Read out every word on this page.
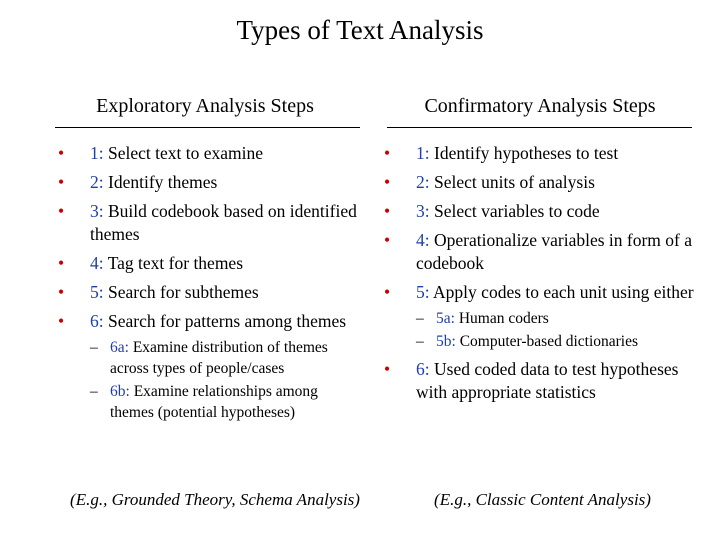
Types of Text Analysis
Exploratory Analysis Steps
• 1: Select text to examine
• 2: Identify themes
• 3: Build codebook based on identified themes
• 4: Tag text for themes
• 5: Search for subthemes
• 6: Search for patterns among themes
– 6a: Examine distribution of themes across types of people/cases
– 6b: Examine relationships among themes (potential hypotheses)
(E.g., Grounded Theory, Schema Analysis)
Confirmatory Analysis Steps
• 1: Identify hypotheses to test
• 2: Select units of analysis
• 3: Select variables to code
• 4: Operationalize variables in form of a codebook
• 5: Apply codes to each unit using either
– 5a: Human coders
– 5b: Computer-based dictionaries
• 6: Used coded data to test hypotheses with appropriate statistics
(E.g., Classic Content Analysis)
